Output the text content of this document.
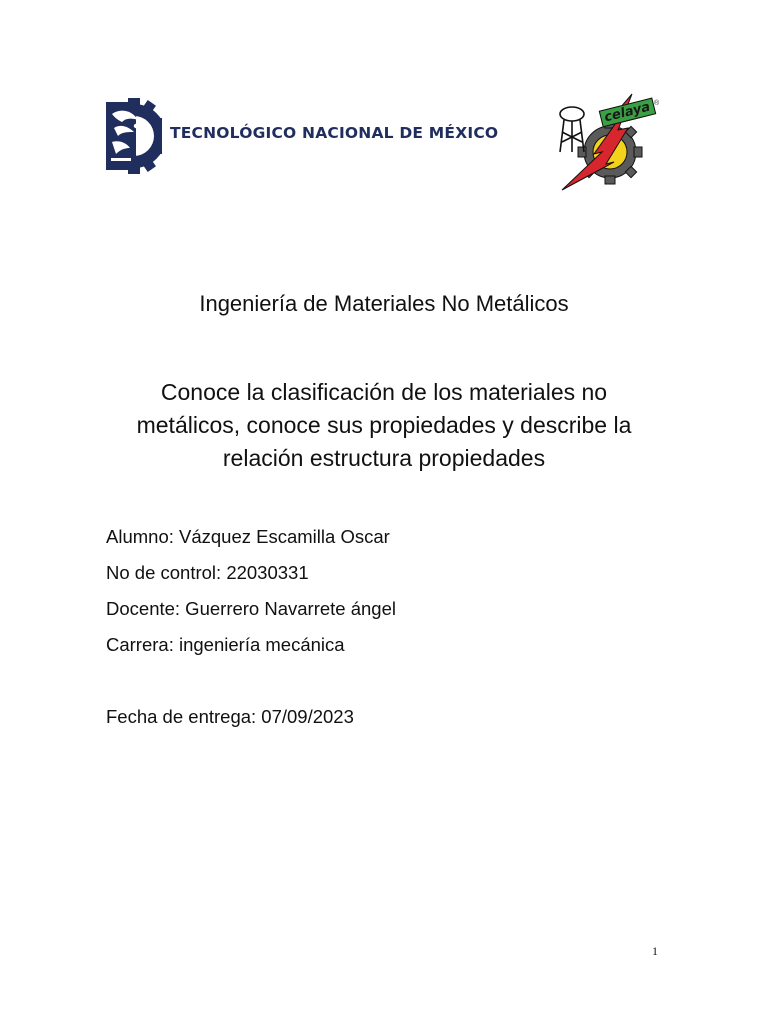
TECNOLÓGICO NACIONAL DE MÉXICO
celaya ®
Ingeniería de Materiales No Metálicos
Conoce la clasificación de los materiales no
metálicos, conoce sus propiedades y describe la
relación estructura propiedades
Alumno: Vázquez Escamilla Oscar
No de control: 22030331
Docente: Guerrero Navarrete ángel
Carrera: ingeniería mecánica
Fecha de entrega: 07/09/2023
1
